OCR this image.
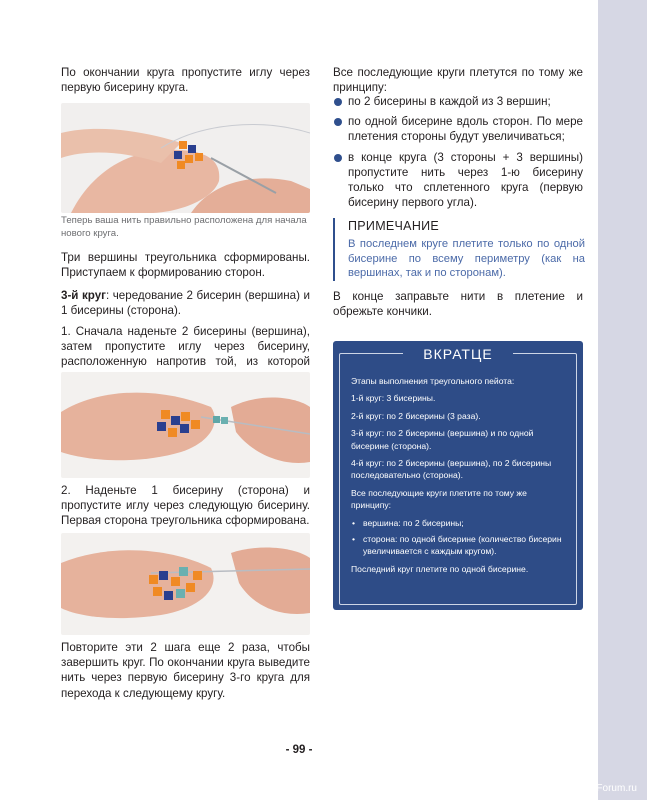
По окончании круга пропустите иглу через первую бисерину круга.

Теперь ваша нить правильно расположена для начала нового круга.

Три вершины треугольника сформированы. Приступаем к формированию сторон.

3-й круг: чередование 2 бисерин (вершина) и 1 бисерины (сторона).

1. Сначала наденьте 2 бисерины (вершина), затем пропустите иглу через бисерину, расположенную напротив той, из которой

2. Наденьте 1 бисерину (сторона) и пропустите иглу через следующую бисерину. Первая сторона треугольника сформирована.

Повторите эти 2 шага еще 2 раза, чтобы завершить круг. По окончании круга выведите нить через первую бисерину 3-го круга для перехода к следующему кругу.

Все последующие круги плетутся по тому же принципу:

по 2 бисерины в каждой из 3 вершин;
по одной бисерине вдоль сторон. По мере плетения стороны будут увеличиваться;
в конце круга (3 стороны + 3 вершины) пропустите нить через 1-ю бисерину только что сплетенного круга (первую бисерину первого угла).
ПРИМЕЧАНИЕ
В последнем круге плетите только по одной бисерине по всему периметру (как на вершинах, так и по сторонам).

В конце заправьте нити в плетение и обрежьте кончики.

ВКРАТЦЕ

Этапы выполнения треугольного пейота:

1-й круг: 3 бисерины.

2-й круг: по 2 бисерины (3 раза).

3-й круг: по 2 бисерины (вершина) и по одной бисерине (сторона).

4-й круг: по 2 бисерины (вершина), по 2 бисерины последовательно (сторона).

Все последующие круги плетите по тому же принципу:

• вершина: по 2 бисерины;
• сторона: по одной бисерине (количество бисерин увеличивается с каждым кругом).

Последний круг плетите по одной бисерине.

- 99 -
PassionForum.ru
